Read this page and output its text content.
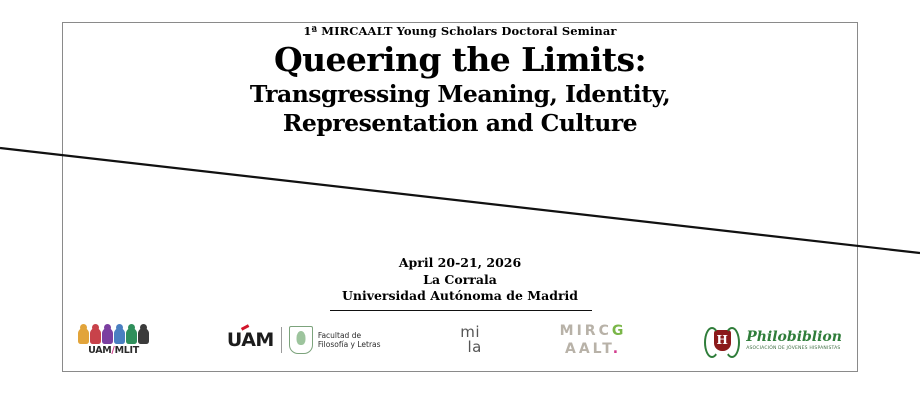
1ª MIRCAALT Young Scholars Doctoral Seminar

Queering the Limits:
Transgressing Meaning, Identity,
Representation and Culture
April 20-21, 2026
La Corrala
Universidad Autónoma de Madrid
UAM/MLIT	UAM	Facultad de
Filosofía y Letras
mi
la
MIRCG
AALT.
H Philobiblion
ASOCIACIÓN DE JÓVENES HISPANISTAS
